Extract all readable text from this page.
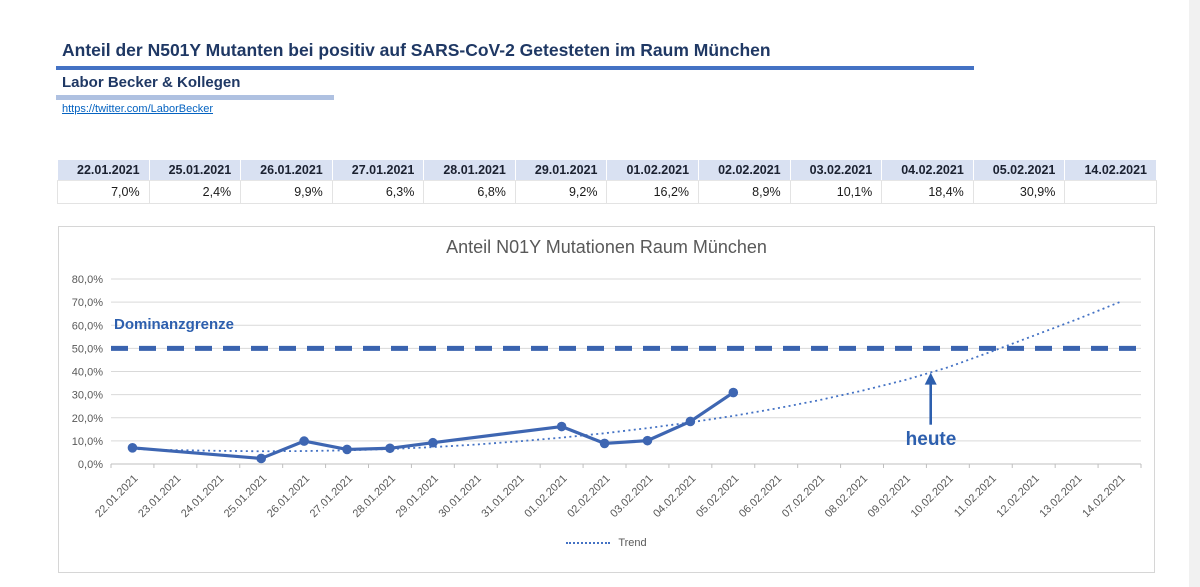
Anteil der N501Y Mutanten bei positiv auf SARS-CoV-2 Getesteten im Raum München
Labor Becker & Kollegen
https://twitter.com/LaborBecker
22.01.2021	25.01.2021	26.01.2021	27.01.2021	28.01.2021	29.01.2021	01.02.2021	02.02.2021	03.02.2021	04.02.2021	05.02.2021	14.02.2021
7,0%	2,4%	9,9%	6,3%	6,8%	9,2%	16,2%	8,9%	10,1%	18,4%	30,9%	
Anteil N01Y Mutationen Raum München
0,0%
10,0%
20,0%
30,0%
40,0%
50,0%
60,0%
70,0%
80,0%
22.01.2021
23.01.2021
24.01.2021
25.01.2021
26.01.2021
27.01.2021
28.01.2021
29.01.2021
30.01.2021
31.01.2021
01.02.2021
02.02.2021
03.02.2021
04.02.2021
05.02.2021
06.02.2021
07.02.2021
08.02.2021
09.02.2021
10.02.2021
11.02.2021
12.02.2021
13.02.2021
14.02.2021
Dominanzgrenze
heute
Trend
